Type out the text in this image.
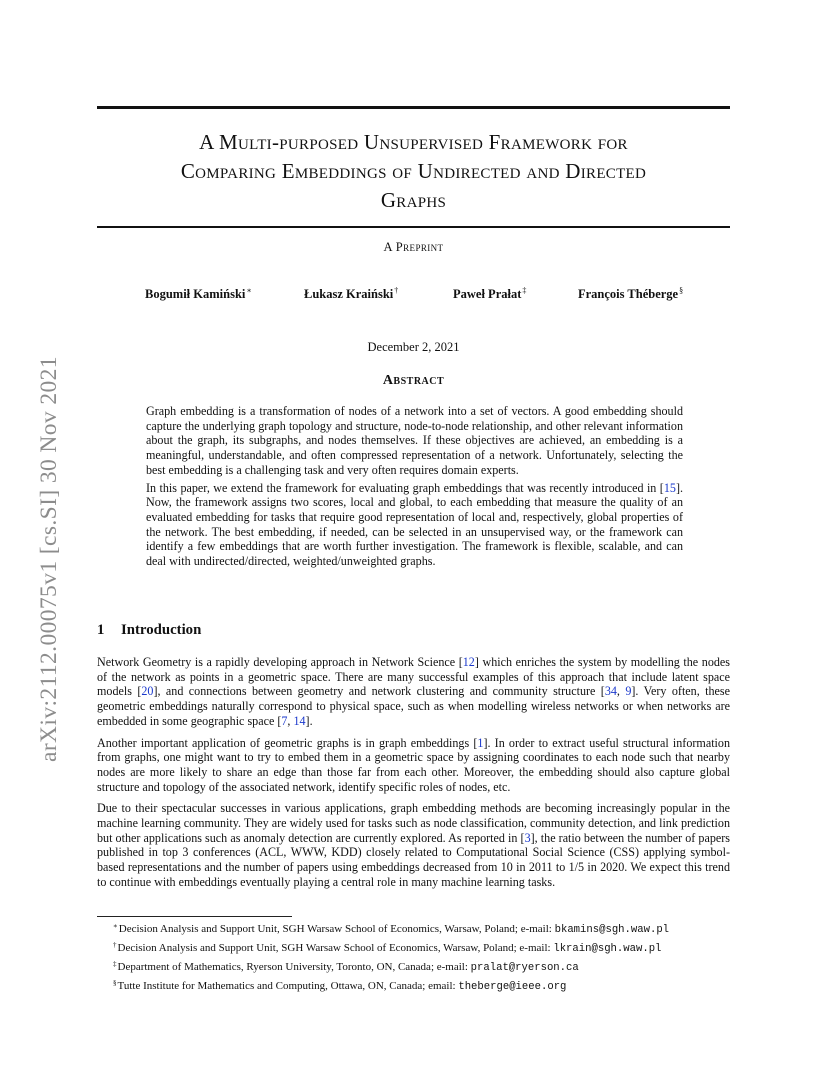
arXiv:2112.00075v1 [cs.SI] 30 Nov 2021
A Multi-purposed Unsupervised Framework for
Comparing Embeddings of Undirected and Directed
Graphs
A Preprint
Bogumił Kamiński∗	Łukasz Kraiński†	Paweł Prałat‡	François Théberge§
December 2, 2021
Abstract

Graph embedding is a transformation of nodes of a network into a set of vectors. A good embedding should capture the underlying graph topology and structure, node-to-node relationship, and other relevant information about the graph, its subgraphs, and nodes themselves. If these objectives are achieved, an embedding is a meaningful, understandable, and often compressed representation of a network. Unfortunately, selecting the best embedding is a challenging task and very often requires domain experts.

In this paper, we extend the framework for evaluating graph embeddings that was recently introduced in [15]. Now, the framework assigns two scores, local and global, to each embedding that measure the quality of an evaluated embedding for tasks that require good representation of local and, respectively, global properties of the network. The best embedding, if needed, can be selected in an unsupervised way, or the framework can identify a few embeddings that are worth further investigation. The framework is flexible, scalable, and can deal with undirected/directed, weighted/unweighted graphs.

1 Introduction

Network Geometry is a rapidly developing approach in Network Science [12] which enriches the system by modelling the nodes of the network as points in a geometric space. There are many successful examples of this approach that include latent space models [20], and connections between geometry and network clustering and community structure [34, 9]. Very often, these geometric embeddings naturally correspond to physical space, such as when modelling wireless networks or when networks are embedded in some geographic space [7, 14].

Another important application of geometric graphs is in graph embeddings [1]. In order to extract useful structural information from graphs, one might want to try to embed them in a geometric space by assigning coordinates to each node such that nearby nodes are more likely to share an edge than those far from each other. Moreover, the embedding should also capture global structure and topology of the associated network, identify specific roles of nodes, etc.

Due to their spectacular successes in various applications, graph embedding methods are becoming increasingly popular in the machine learning community. They are widely used for tasks such as node classification, community detection, and link prediction but other applications such as anomaly detection are currently explored. As reported in [3], the ratio between the number of papers published in top 3 conferences (ACL, WWW, KDD) closely related to Computational Social Science (CSS) applying symbol-based representations and the number of papers using embeddings decreased from 10 in 2011 to 1/5 in 2020. We expect this trend to continue with embeddings eventually playing a central role in many machine learning tasks.

∗Decision Analysis and Support Unit, SGH Warsaw School of Economics, Warsaw, Poland; e-mail: bkamins@sgh.waw.pl
†Decision Analysis and Support Unit, SGH Warsaw School of Economics, Warsaw, Poland; e-mail: lkrain@sgh.waw.pl
‡Department of Mathematics, Ryerson University, Toronto, ON, Canada; e-mail: pralat@ryerson.ca
§Tutte Institute for Mathematics and Computing, Ottawa, ON, Canada; email: theberge@ieee.org
